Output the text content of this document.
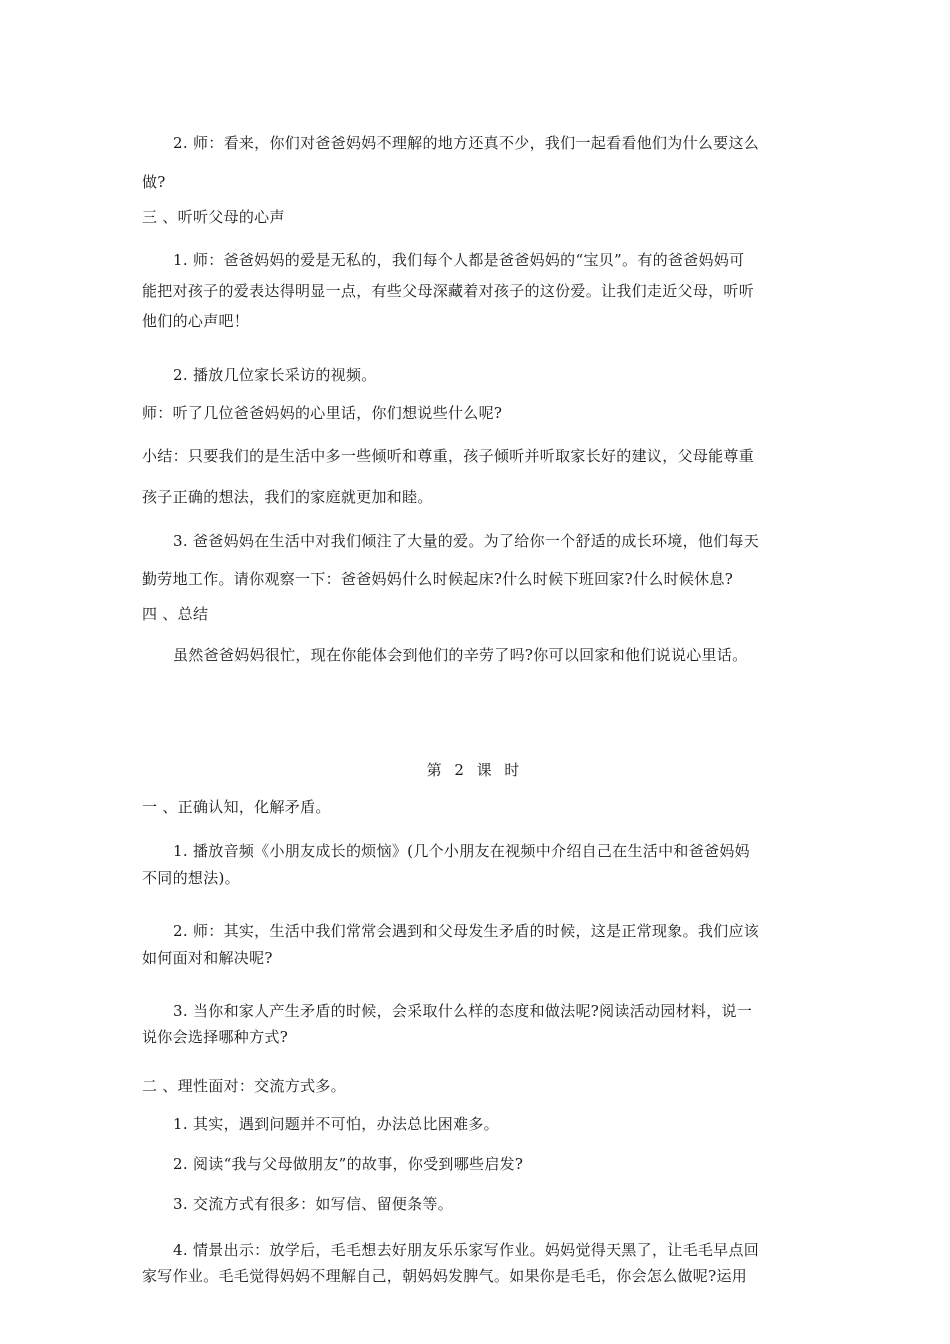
2. 师：看来，你们对爸爸妈妈不理解的地方还真不少，我们一起看看他们为什么要这么
做?
三 、听听父母的心声
1. 师：爸爸妈妈的爱是无私的，我们每个人都是爸爸妈妈的“宝贝”。有的爸爸妈妈可
能把对孩子的爱表达得明显一点，有些父母深藏着对孩子的这份爱。让我们走近父母，听听
他们的心声吧！
2. 播放几位家长采访的视频。
师：听了几位爸爸妈妈的心里话，你们想说些什么呢?
小结：只要我们的是生活中多一些倾听和尊重，孩子倾听并听取家长好的建议，父母能尊重
孩子正确的想法，我们的家庭就更加和睦。
3. 爸爸妈妈在生活中对我们倾注了大量的爱。为了给你一个舒适的成长环境，他们每天
勤劳地工作。请你观察一下：爸爸妈妈什么时候起床?什么时候下班回家?什么时候休息?
四 、总结
虽然爸爸妈妈很忙，现在你能体会到他们的辛劳了吗?你可以回家和他们说说心里话。
第 2 课 时
一 、正确认知，化解矛盾。
1. 播放音频《小朋友成长的烦恼》(几个小朋友在视频中介绍自己在生活中和爸爸妈妈
不同的想法)。
2. 师：其实，生活中我们常常会遇到和父母发生矛盾的时候，这是正常现象。我们应该
如何面对和解决呢?
3. 当你和家人产生矛盾的时候，会采取什么样的态度和做法呢?阅读活动园材料，说一
说你会选择哪种方式?
二 、理性面对：交流方式多。
1. 其实，遇到问题并不可怕，办法总比困难多。
2. 阅读“我与父母做朋友”的故事，你受到哪些启发?
3. 交流方式有很多：如写信、留便条等。
4. 情景出示：放学后，毛毛想去好朋友乐乐家写作业。妈妈觉得天黑了，让毛毛早点回
家写作业。毛毛觉得妈妈不理解自己，朝妈妈发脾气。如果你是毛毛，你会怎么做呢?运用
